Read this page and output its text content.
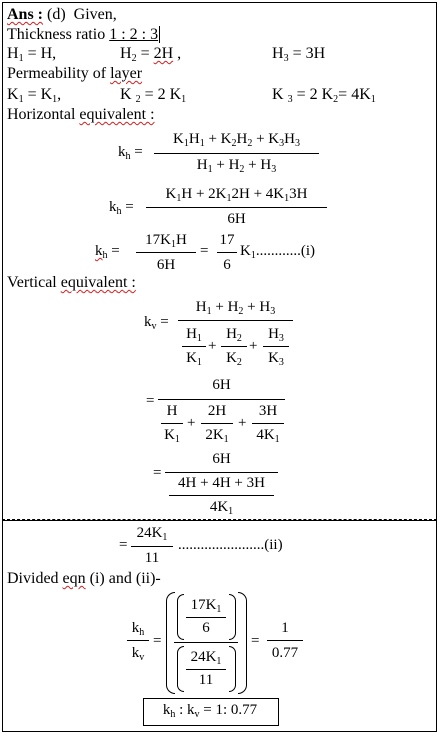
Ans : (d) Given,
Thickness ratio 1 : 2 : 3
$H_1 = H$,	$H_2 = 2H$ ,	$H_3 = 3H$
Permeability of layer
$K_1 = K_1$,	K $_2$ = 2 $K_1$	K $_3$ = 2 $K_2= 4K_1$
Horizontal equivalent :
$k_h$ =
$K_1H_1 + K_2H_2 + K_3H_3$
$H_1 + H_2 + H_3$
$k_h$ =
$K_1H + 2K_12H + 4K_13H$
6H
$k_h$ =
$17K_1H$
6H
=
17
6
$K_1............(i)$
Vertical equivalent :
$k_v$ =
$H_1 + H_2 + H_3$
$H_1$
$K_1$
+
$H_2$
$K_2$
+
$H_3$
$K_3$
=
6H
H
$K_1$
+
2H
$2K_1$
+
3H
$4K_1$
=
6H
4H + 4H + 3H
$4K_1$
=
$24K_1$
11
.......................(ii)
Divided eqn (i) and (ii)-
$k_h$
$k_v$
=
$17K_1$
6
$24K_1$
11
=
1
0.77
$k_h$ : $k_v = 1$: 0.77
